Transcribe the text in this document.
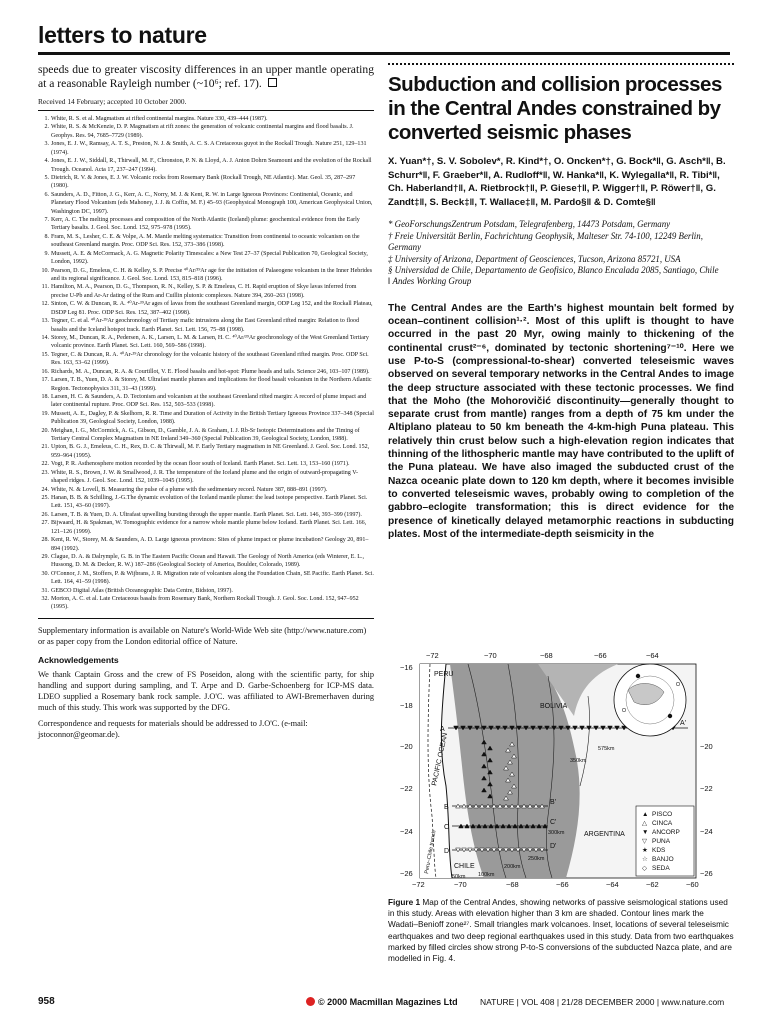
letters to nature
speeds due to greater viscosity differences in an upper mantle operating at a reasonable Rayleigh number (~10⁶; ref. 17).
Received 14 February; accepted 10 October 2000.
1. White, R. S. et al. Magmatism at rifted continental margins. Nature 330, 439–444 (1987).
2. White, R. S. & McKenzie, D. P. Magmatism at rift zones: the generation of volcanic continental margins and flood basalts. J. Geophys. Res. 94, 7685–7729 (1989).
3. Jones, E. J. W., Ramsay, A. T. S., Preston, N. J. & Smith, A. C. S. A Cretaceous guyot in the Rockall Trough. Nature 251, 129–131 (1974).
4. Jones, E. J. W., Siddall, R., Thirwall, M. F., Chronston, P. N. & Lloyd, A. J. Anton Dohrn Seamount and the evolution of the Rockall Trough. Oceanol. Acta 17, 237–247 (1994).
5. Dietrich, R. V. & Jones, E. J. W. Volcanic rocks from Rosemary Bank (Rockall Trough, NE Atlantic). Mar. Geol. 35, 287–297 (1980).
6. Saunders, A. D., Fitton, J. G., Kerr, A. C., Norry, M. J. & Kent, R. W. in Large Igneous Provinces: Continental, Oceanic, and Planetary Flood Volcanism (eds Mahoney, J. J. & Coffin, M. F.) 45–93 (Geophysical Monograph 100, American Geophysical Union, Washington DC, 1997).
7. Kerr, A. C. The melting processes and composition of the North Atlantic (Iceland) plume: geochemical evidence from the Early Tertiary basalts. J. Geol. Soc. Lond. 152, 975–978 (1995).
8. Fram, M. S., Lesher, C. E. & Volpe, A. M. Mantle melting systematics: Transition from continental to oceanic volcanism on the southeast Greenland margin. Proc. ODP Sci. Res. 152, 373–386 (1998).
9. Mussett, A. E. & McCormack, A. G. Magnetic Polarity Timescales: a New Test 27–37 (Special Publication 70, Geological Society, London, 1992).
10. Pearson, D. G., Emeleus, C. H. & Kelley, S. P. Precise ⁴⁰Ar/³⁹Ar age for the initiation of Palaeogene volcanism in the Inner Hebrides and its regional significance. J. Geol. Soc. Lond. 153, 815–818 (1996).
11. Hamilton, M. A., Pearson, D. G., Thompson, R. N., Kelley, S. P. & Emeleus, C. H. Rapid eruption of Skye lavas inferred from precise U-Pb and Ar-Ar dating of the Rum and Cuillin plutonic complexes. Nature 394, 260–263 (1998).
12. Sinton, C. W. & Duncan, R. A. ⁴⁰Ar-³⁹Ar ages of lavas from the southeast Greenland margin, ODP Leg 152, and the Rockall Plateau, DSDP Leg 81. Proc. ODP Sci. Res. 152, 387–402 (1998).
13. Tegner, C. et al. ⁴⁰Ar-³⁹Ar geochronology of Tertiary mafic intrusions along the East Greenland rifted margin: Relation to flood basalts and the Iceland hotspot track. Earth Planet. Sci. Lett. 156, 75–88 (1998).
14. Storey, M., Duncan, R. A., Pedersen, A. K., Larsen, L. M. & Larsen, H. C. ⁴⁰Ar/³⁹Ar geochronology of the West Greenland Tertiary volcanic province. Earth Planet. Sci. Lett. 160, 569–586 (1998).
15. Tegner, C. & Duncan, R. A. ⁴⁰Ar-³⁹Ar chronology for the volcanic history of the southeast Greenland rifted margin. Proc. ODP Sci. Res. 163, 53–62 (1999).
16. Richards, M. A., Duncan, R. A. & Courtillot, V. E. Flood basalts and hot-spot: Plume heads and tails. Science 246, 103–107 (1989).
17. Larsen, T. B., Yuen, D. A. & Storey, M. Ultrafast mantle plumes and implications for flood basalt volcanism in the Northern Atlantic Region. Tectonophysics 311, 31–43 (1999).
18. Larsen, H. C. & Saunders, A. D. Tectonism and volcanism at the southeast Greenland rifted margin: A record of plume impact and later continental rupture. Proc. ODP Sci. Res. 152, 503–533 (1998).
19. Mussett, A. E., Dagley, P. & Skelhorn, R. R. Time and Duration of Activity in the British Tertiary Igneous Province 337–348 (Special Publication 39, Geological Society, London, 1988).
20. Meighan, I. G., McCormick, A. G., Gibson, D., Gamble, J. A. & Graham, I. J. Rb-Sr Isotopic Determinations and the Timing of Tertiary Central Complex Magmatism in NE Ireland 349–360 (Special Publication 39, Geological Society, London, 1988).
21. Upton, B. G. J., Emeleus, C. H., Rex, D. C. & Thirwall, M. F. Early Tertiary magmatism in NE Greenland. J. Geol. Soc. Lond. 152, 959–964 (1995).
22. Vogt, P. R. Asthenosphere motion recorded by the ocean floor south of Iceland. Earth Planet. Sci. Lett. 13, 153–160 (1971).
23. White, R. S., Brown, J. W. & Smallwood, J. R. The temperature of the Iceland plume and the origin of outward-propagating V-shaped ridges. J. Geol. Soc. Lond. 152, 1039–1045 (1995).
24. White, N. & Lovell, B. Measuring the pulse of a plume with the sedimentary record. Nature 387, 888–891 (1997).
25. Hanan, B. B. & Schilling, J.-G.The dynamic evolution of the Iceland mantle plume: the lead isotope perspective. Earth Planet. Sci. Lett. 151, 43–60 (1997).
26. Larsen, T. B. & Yuen, D. A. Ultrafast upwelling bursting through the upper mantle. Earth Planet. Sci. Lett. 146, 393–399 (1997).
27. Bijwaard, H. & Spakman, W. Tomographic evidence for a narrow whole mantle plume below Iceland. Earth Planet. Sci. Lett. 166, 121–126 (1999).
28. Kent, R. W., Storey, M. & Saunders, A. D. Large igneous provinces: Sites of plume impact or plume incubation? Geology 20, 891–894 (1992).
29. Clague, D. A. & Dalrymple, G. B. in The Eastern Pacific Ocean and Hawaii. The Geology of North America (eds Winterer, E. L., Hussong, D. M. & Decker, R. W.) 187–286 (Geological Society of America, Boulder, Colorado, 1989).
30. O'Connor, J. M., Stoffers, P. & Wijbrans, J. R. Migration rate of volcanism along the Foundation Chain, SE Pacific. Earth Planet. Sci. Lett. 164, 41–59 (1998).
31. GEBCO Digital Atlas (British Oceanographic Data Centre, Bidston, 1997).
32. Morton, A. C. et al. Late Cretaceous basalts from Rosemary Bank, Northern Rockall Trough. J. Geol. Soc. Lond. 152, 947–952 (1995).
Supplementary information is available on Nature's World-Wide Web site (http://www.nature.com) or as paper copy from the London editorial office of Nature.
Acknowledgements
We thank Captain Gross and the crew of FS Poseidon, along with the scientific party, for ship handling and support during sampling, and T. Arpe and D. Garbe-Schoenberg for ICP-MS data. LDEO supplied a Rosemary bank rock sample. J.O'C. was affiliated to AWI-Bremerhaven during much of this study. This work was supported by the DFG.
Correspondence and requests for materials should be addressed to J.O'C. (e-mail: jstoconnor@geomar.de).
Subduction and collision processes in the Central Andes constrained by converted seismic phases
X. Yuan*†, S. V. Sobolev*, R. Kind*†, O. Oncken*†, G. Bock*‖, G. Asch*‖, B. Schurr*‖, F. Graeber*‖, A. Rudloff*‖, W. Hanka*‖, K. Wylegalla*‖, R. Tibi*‖, Ch. Haberland†‖, A. Rietbrock†‖, P. Giese†‖, P. Wigger†‖, P. Röwer†‖, G. Zandt‡‖, S. Beck‡‖, T. Wallace‡‖, M. Pardo§‖ & D. Comte§‖
* GeoForschungsZentrum Potsdam, Telegrafenberg, 14473 Potsdam, Germany
† Freie Universität Berlin, Fachrichtung Geophysik, Malteser Str. 74-100, 12249 Berlin, Germany
‡ University of Arizona, Department of Geosciences, Tucson, Arizona 85721, USA
§ Universidad de Chile, Departamento de Geofisico, Blanco Encalada 2085, Santiago, Chile
‖ Andes Working Group
The Central Andes are the Earth's highest mountain belt formed by ocean–continent collision¹·². Most of this uplift is thought to have occurred in the past 20 Myr, owing mainly to thickening of the continental crust²⁻⁶, dominated by tectonic shortening⁷⁻¹⁰. Here we use P-to-S (compressional-to-shear) converted teleseismic waves observed on several temporary networks in the Central Andes to image the deep structure associated with these tectonic processes. We find that the Moho (the Mohorovičić discontinuity—generally thought to separate crust from mantle) ranges from a depth of 75 km under the Altiplano plateau to 50 km beneath the 4-km-high Puna plateau. This relatively thin crust below such a high-elevation region indicates that thinning of the lithospheric mantle may have contributed to the uplift of the Puna plateau. We have also imaged the subducted crust of the Nazca oceanic plate down to 120 km depth, where it becomes invisible to converted teleseismic waves, probably owing to completion of the gabbro–eclogite transformation; this is direct evidence for the presence of kinetically delayed metamorphic reactions in subducting plates. Most of the intermediate-depth seismicity in the
−72	−70	−68	−66	−64
−72	−70	−68	−66	−64	−62	−60
−16
−18
−20
−22
−24
−26
−20
−22
−24
−26
PERU
BOLIVIA
ARGENTINA
CHILE
PACIFIC OCEAN
Peru–Chile trench
350km
575km
300km
250km
200km
50km 100km
A
A'
B
B'
C
C'
D
D'
▲ PISCO
△ CINCA
▼ ANCORP
▽ PUNA
★ KDS
☆ BANJO
◇ SEDA
Figure 1 Map of the Central Andes, showing networks of passive seismological stations used in this study. Areas with elevation higher than 3 km are shaded. Contour lines mark the Wadati–Benioff zone²⁷. Small triangles mark volcanoes. Inset, locations of several teleseismic earthquakes and two deep regional earthquakes used in this study. Data from two earthquakes marked by filled circles show strong P-to-S conversions of the subducted Nazca plate, and are modelled in Fig. 4.
958	© 2000 Macmillan Magazines Ltd	NATURE | VOL 408 | 21/28 DECEMBER 2000 | www.nature.com
